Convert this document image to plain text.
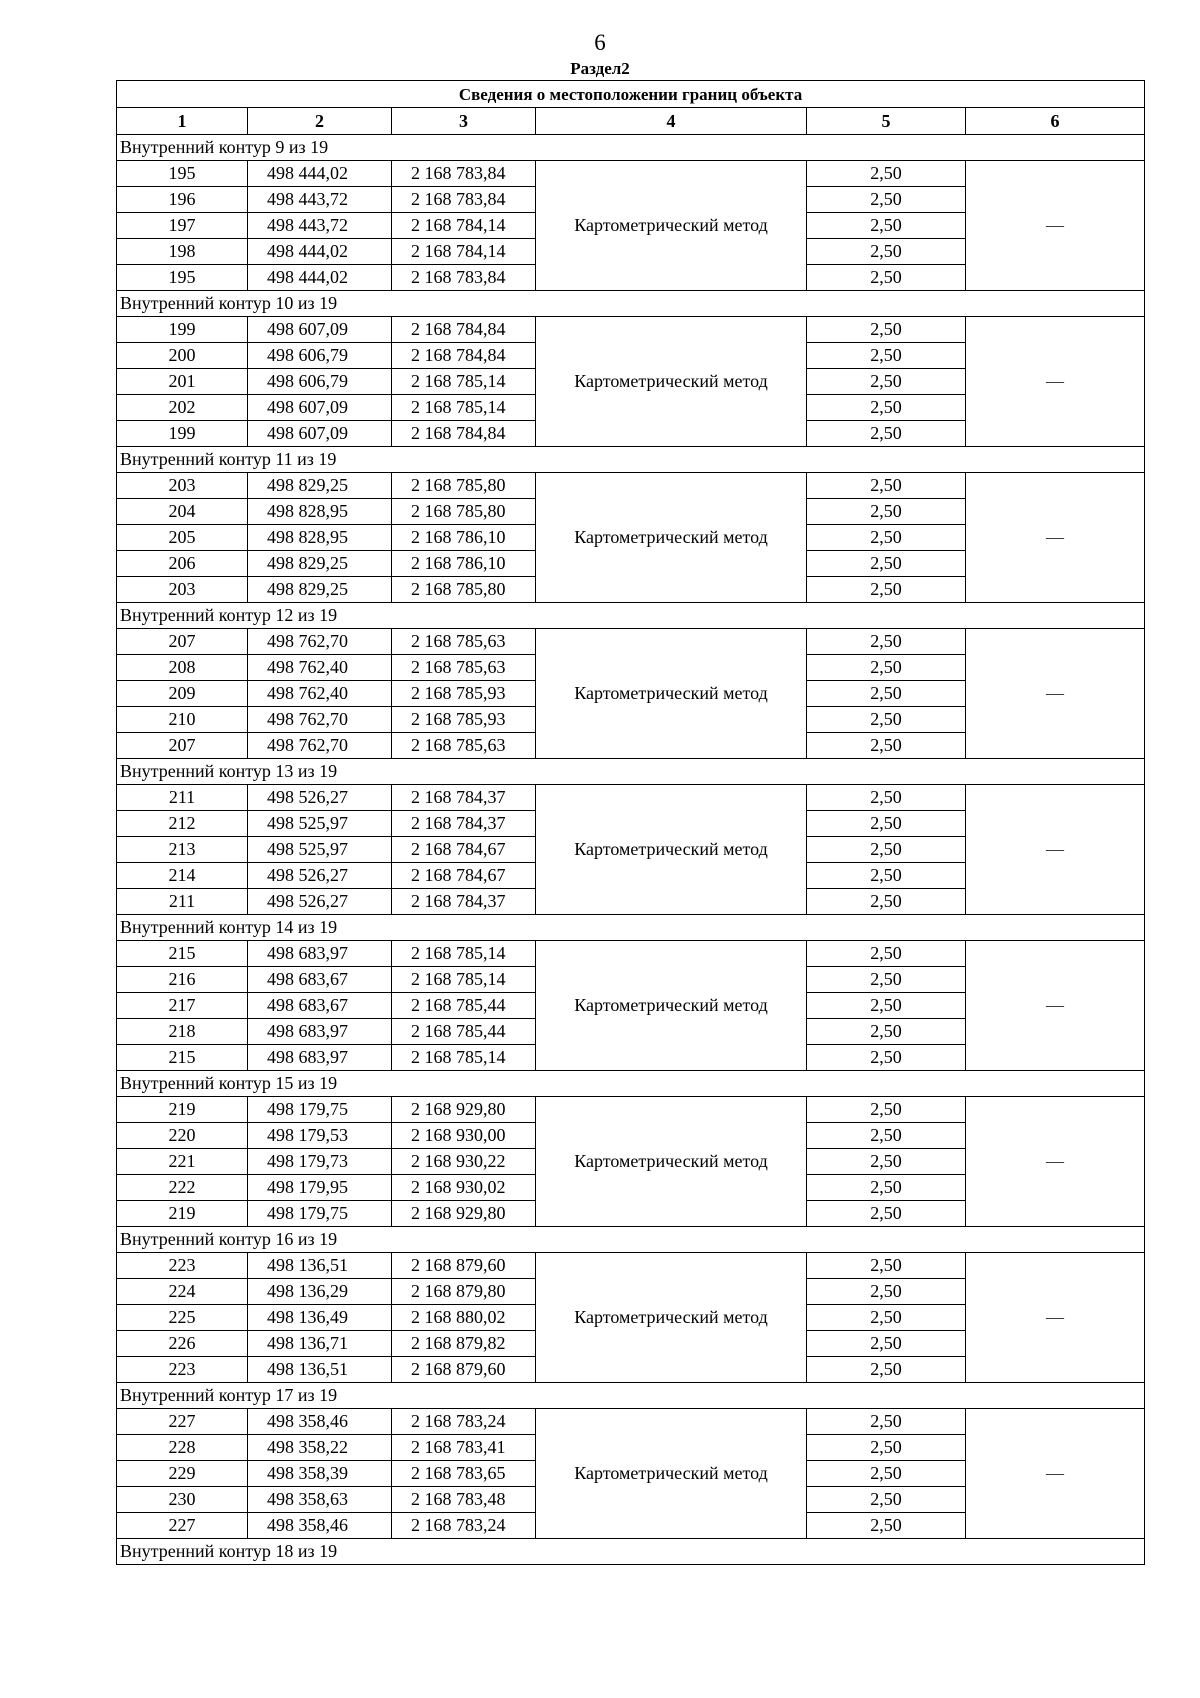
6
Раздел2
Сведения о местоположении границ объекта					
1	2	3	4	5	6
Внутренний контур 9 из 19					
195	498 444,02	2 168 783,84	Картометрический метод	2,50	—
196	498 443,72	2 168 783,84		2,50	
197	498 443,72	2 168 784,14		2,50	
198	498 444,02	2 168 784,14		2,50	
195	498 444,02	2 168 783,84		2,50	
Внутренний контур 10 из 19					
199	498 607,09	2 168 784,84	Картометрический метод	2,50	—
200	498 606,79	2 168 784,84		2,50	
201	498 606,79	2 168 785,14		2,50	
202	498 607,09	2 168 785,14		2,50	
199	498 607,09	2 168 784,84		2,50	
Внутренний контур 11 из 19					
203	498 829,25	2 168 785,80	Картометрический метод	2,50	—
204	498 828,95	2 168 785,80		2,50	
205	498 828,95	2 168 786,10		2,50	
206	498 829,25	2 168 786,10		2,50	
203	498 829,25	2 168 785,80		2,50	
Внутренний контур 12 из 19					
207	498 762,70	2 168 785,63	Картометрический метод	2,50	—
208	498 762,40	2 168 785,63		2,50	
209	498 762,40	2 168 785,93		2,50	
210	498 762,70	2 168 785,93		2,50	
207	498 762,70	2 168 785,63		2,50	
Внутренний контур 13 из 19					
211	498 526,27	2 168 784,37	Картометрический метод	2,50	—
212	498 525,97	2 168 784,37		2,50	
213	498 525,97	2 168 784,67		2,50	
214	498 526,27	2 168 784,67		2,50	
211	498 526,27	2 168 784,37		2,50	
Внутренний контур 14 из 19					
215	498 683,97	2 168 785,14	Картометрический метод	2,50	—
216	498 683,67	2 168 785,14		2,50	
217	498 683,67	2 168 785,44		2,50	
218	498 683,97	2 168 785,44		2,50	
215	498 683,97	2 168 785,14		2,50	
Внутренний контур 15 из 19					
219	498 179,75	2 168 929,80	Картометрический метод	2,50	—
220	498 179,53	2 168 930,00		2,50	
221	498 179,73	2 168 930,22		2,50	
222	498 179,95	2 168 930,02		2,50	
219	498 179,75	2 168 929,80		2,50	
Внутренний контур 16 из 19					
223	498 136,51	2 168 879,60	Картометрический метод	2,50	—
224	498 136,29	2 168 879,80		2,50	
225	498 136,49	2 168 880,02		2,50	
226	498 136,71	2 168 879,82		2,50	
223	498 136,51	2 168 879,60		2,50	
Внутренний контур 17 из 19					
227	498 358,46	2 168 783,24	Картометрический метод	2,50	—
228	498 358,22	2 168 783,41		2,50	
229	498 358,39	2 168 783,65		2,50	
230	498 358,63	2 168 783,48		2,50	
227	498 358,46	2 168 783,24		2,50	
Внутренний контур 18 из 19					
